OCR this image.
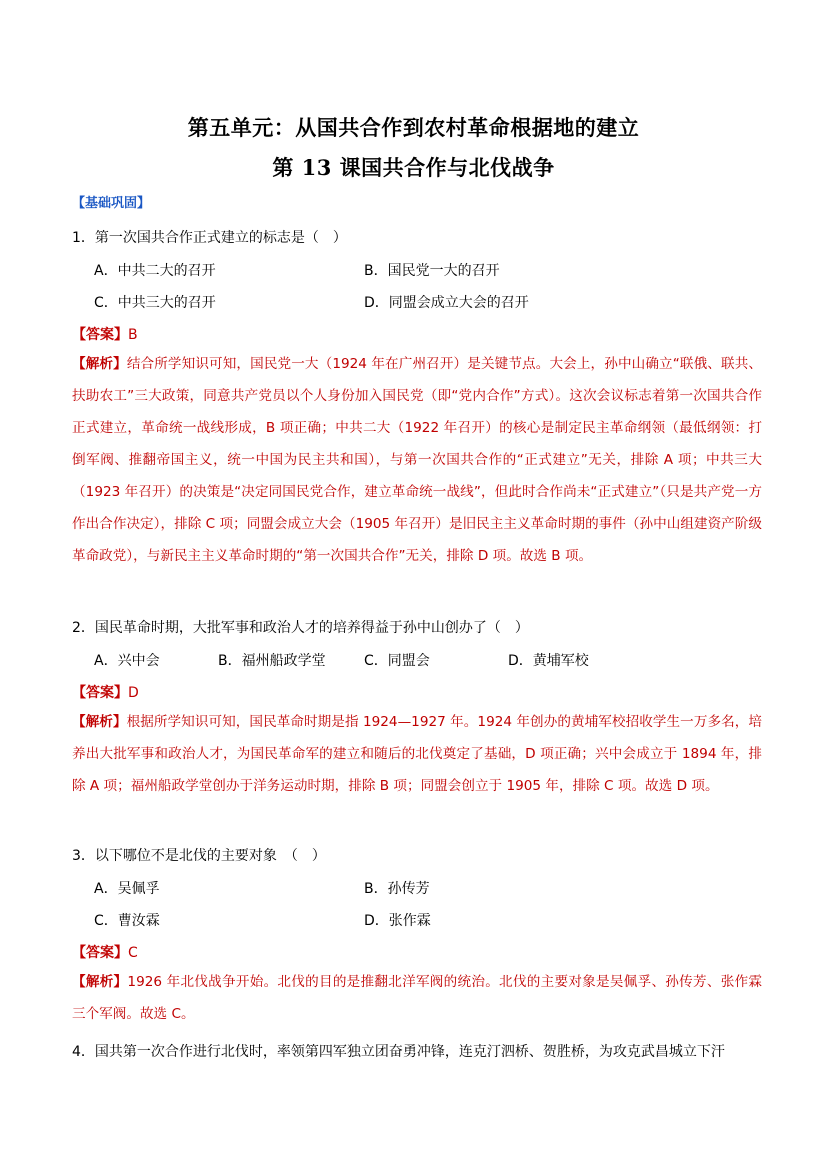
第五单元：从国共合作到农村革命根据地的建立
第 13 课国共合作与北伐战争
【基础巩固】
1．第一次国共合作正式建立的标志是（　）
A．中共二大的召开	B．国民党一大的召开
C．中共三大的召开	D．同盟会成立大会的召开
【答案】B
【解析】结合所学知识可知，国民党一大（1924 年在广州召开）是关键节点。大会上，孙中山确立“联俄、联共、扶助农工”三大政策，同意共产党员以个人身份加入国民党（即“党内合作”方式）。这次会议标志着第一次国共合作正式建立，革命统一战线形成，B 项正确；中共二大（1922 年召开）的核心是制定民主革命纲领（最低纲领：打倒军阀、推翻帝国主义，统一中国为民主共和国），与第一次国共合作的“正式建立”无关，排除 A 项；中共三大（1923 年召开）的决策是“决定同国民党合作，建立革命统一战线”，但此时合作尚未“正式建立”（只是共产党一方作出合作决定），排除 C 项；同盟会成立大会（1905 年召开）是旧民主主义革命时期的事件（孙中山组建资产阶级革命政党），与新民主主义革命时期的“第一次国共合作”无关，排除 D 项。故选 B 项。
2．国民革命时期，大批军事和政治人才的培养得益于孙中山创办了（　）
A．兴中会	B．福州船政学堂	C．同盟会	D．黄埔军校
【答案】D
【解析】根据所学知识可知，国民革命时期是指 1924—1927 年。1924 年创办的黄埔军校招收学生一万多名，培养出大批军事和政治人才，为国民革命军的建立和随后的北伐奠定了基础，D 项正确；兴中会成立于 1894 年，排除 A 项；福州船政学堂创办于洋务运动时期，排除 B 项；同盟会创立于 1905 年，排除 C 项。故选 D 项。
3．以下哪位不是北伐的主要对象　（　）
A．吴佩孚	B．孙传芳
C．曹汝霖	D．张作霖
【答案】C
【解析】1926 年北伐战争开始。北伐的目的是推翻北洋军阀的统治。北伐的主要对象是吴佩孚、孙传芳、张作霖三个军阀。故选 C。
4．国共第一次合作进行北伐时，率领第四军独立团奋勇冲锋，连克汀泗桥、贺胜桥，为攻克武昌城立下汗
